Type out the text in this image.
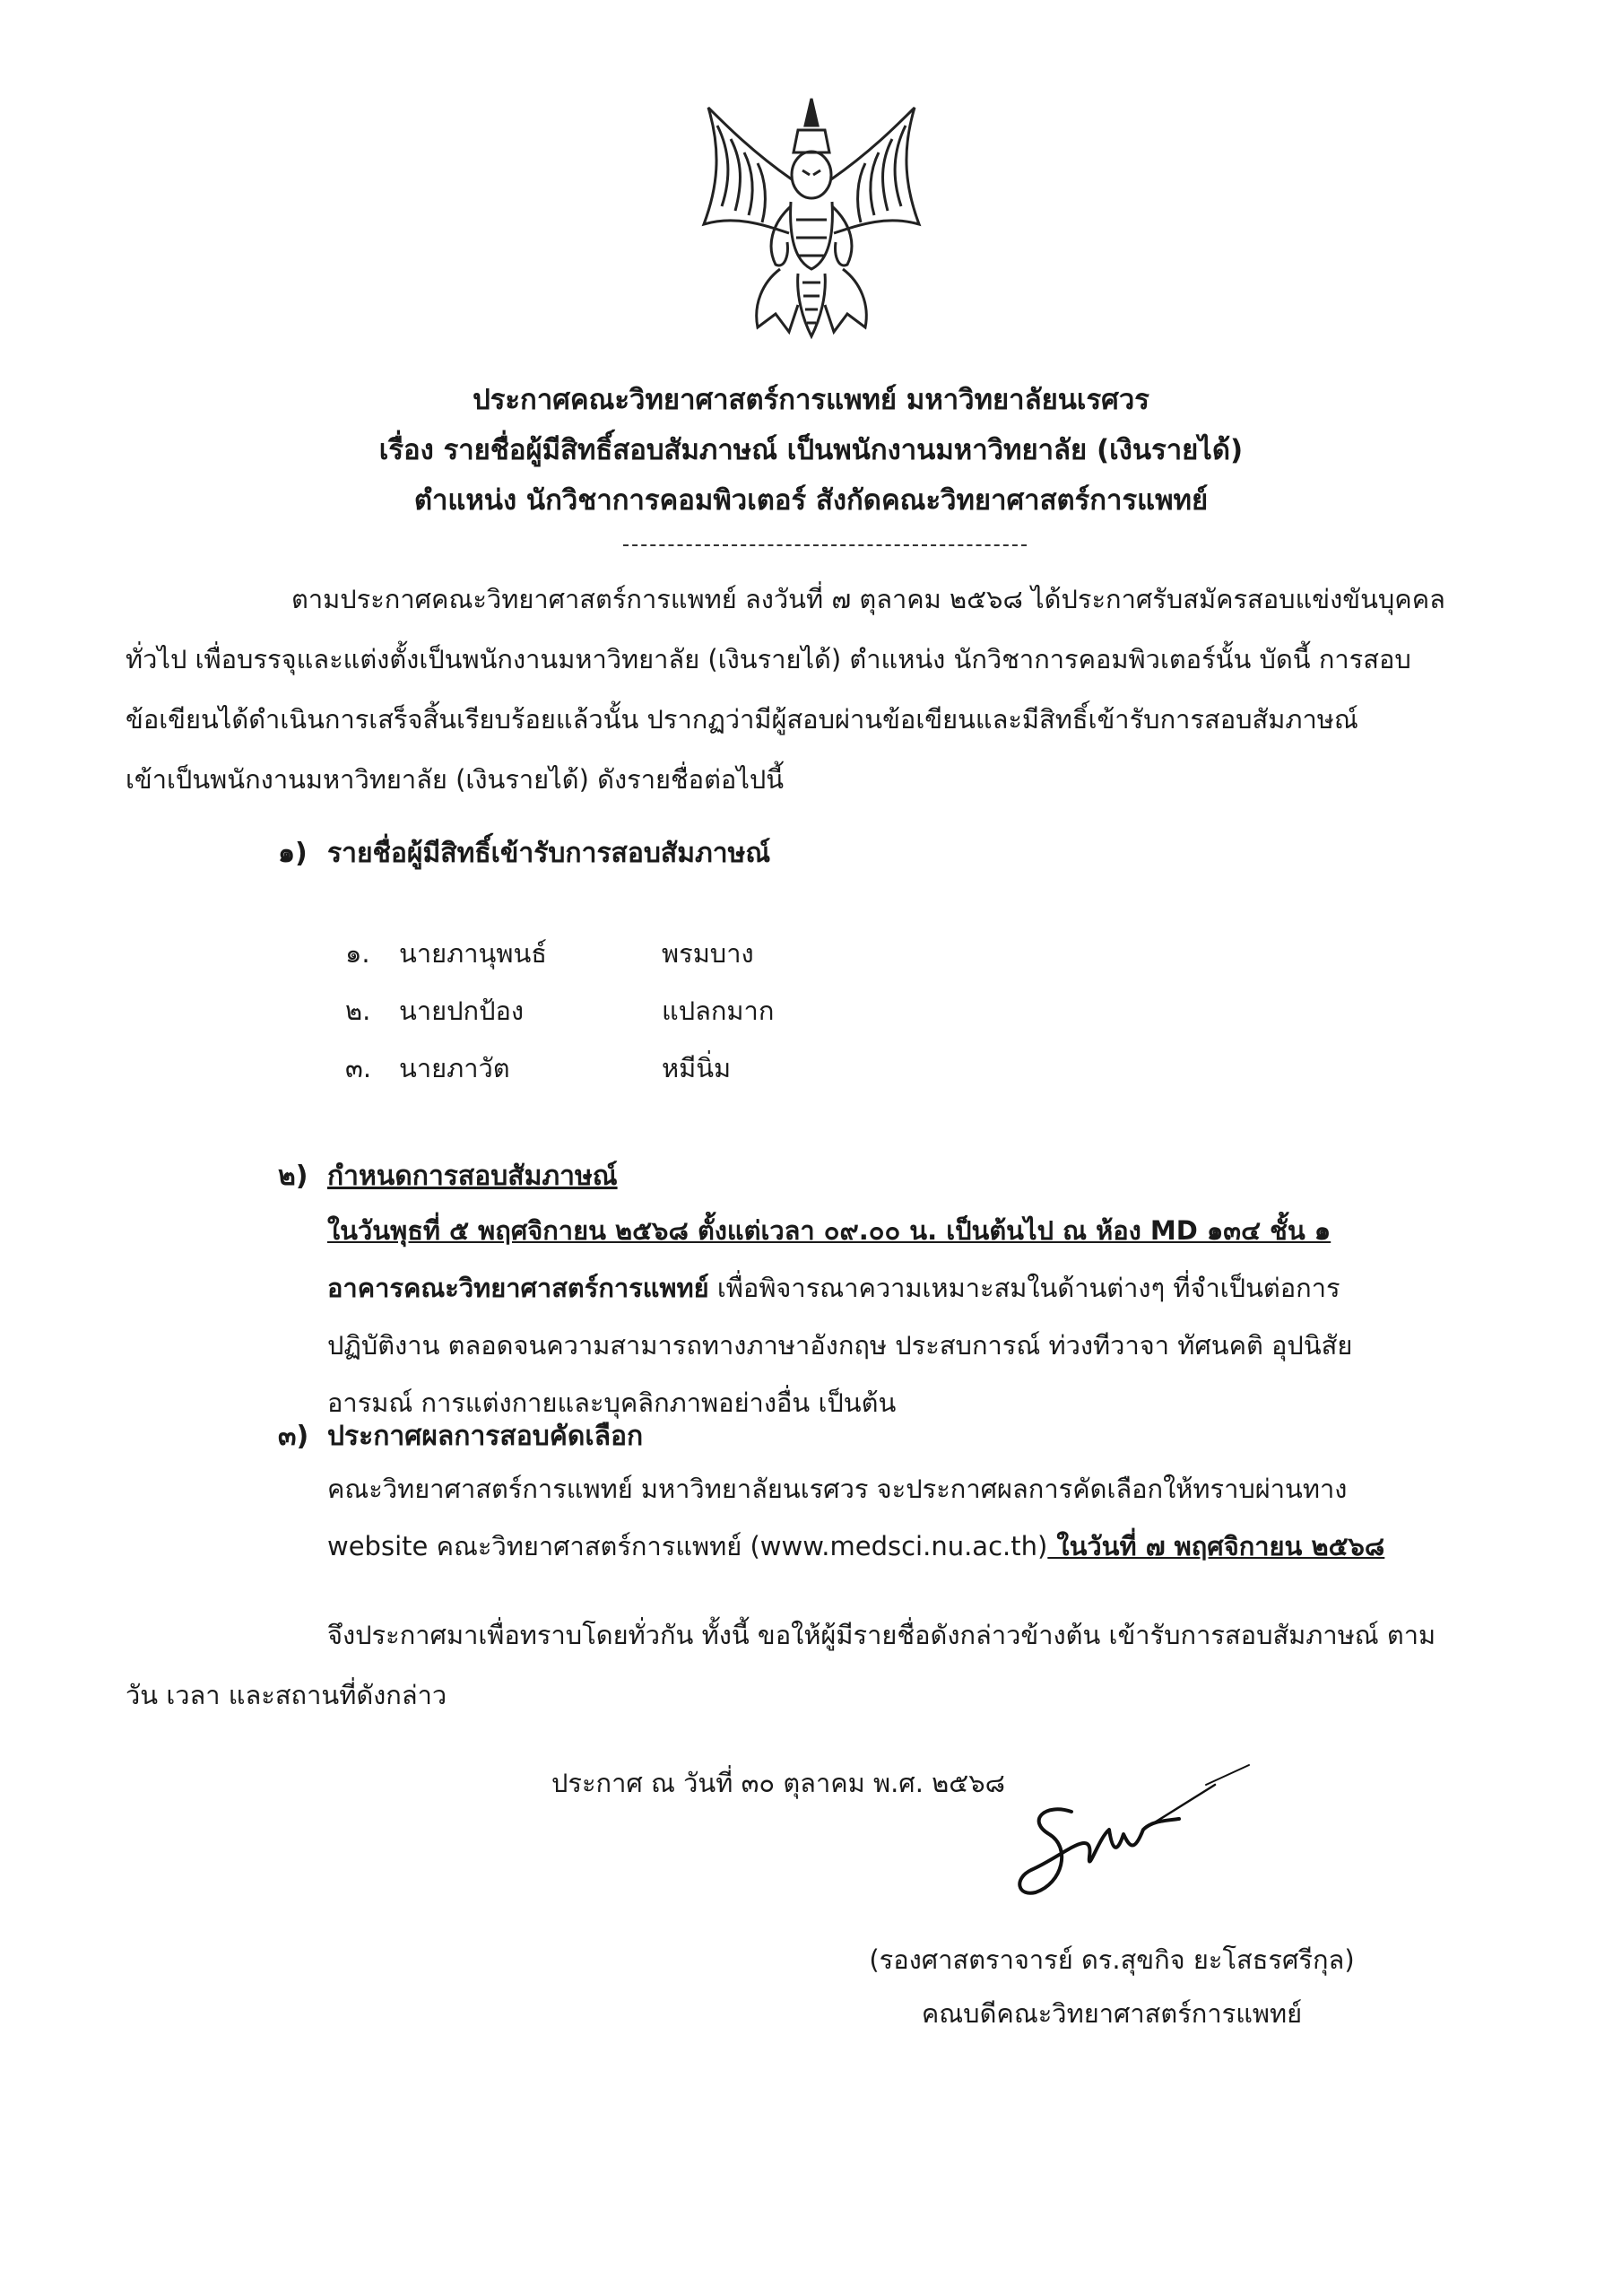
ประกาศคณะวิทยาศาสตร์การแพทย์ มหาวิทยาลัยนเรศวร
เรื่อง รายชื่อผู้มีสิทธิ์สอบสัมภาษณ์ เป็นพนักงานมหาวิทยาลัย (เงินรายได้)
ตำแหน่ง นักวิชาการคอมพิวเตอร์ สังกัดคณะวิทยาศาสตร์การแพทย์
ตามประกาศคณะวิทยาศาสตร์การแพทย์ ลงวันที่ ๗ ตุลาคม ๒๕๖๘ ได้ประกาศรับสมัครสอบแข่งขันบุคคล
ทั่วไป เพื่อบรรจุและแต่งตั้งเป็นพนักงานมหาวิทยาลัย (เงินรายได้) ตำแหน่ง นักวิชาการคอมพิวเตอร์นั้น บัดนี้ การสอบ
ข้อเขียนได้ดำเนินการเสร็จสิ้นเรียบร้อยแล้วนั้น ปรากฏว่ามีผู้สอบผ่านข้อเขียนและมีสิทธิ์เข้ารับการสอบสัมภาษณ์
เข้าเป็นพนักงานมหาวิทยาลัย (เงินรายได้) ดังรายชื่อต่อไปนี้
๑) รายชื่อผู้มีสิทธิ์เข้ารับการสอบสัมภาษณ์
๑. นายภานุพนธ์	พรมบาง
๒. นายปกป้อง	แปลกมาก
๓. นายภาวัต	หมีนิ่ม
๒) กำหนดการสอบสัมภาษณ์
ในวันพุธที่ ๕ พฤศจิกายน ๒๕๖๘ ตั้งแต่เวลา ๐๙.๐๐ น. เป็นต้นไป ณ ห้อง MD ๑๓๔ ชั้น ๑
อาคารคณะวิทยาศาสตร์การแพทย์ เพื่อพิจารณาความเหมาะสมในด้านต่างๆ ที่จำเป็นต่อการ
ปฏิบัติงาน ตลอดจนความสามารถทางภาษาอังกฤษ ประสบการณ์ ท่วงทีวาจา ทัศนคติ อุปนิสัย
อารมณ์ การแต่งกายและบุคลิกภาพอย่างอื่น เป็นต้น
๓) ประกาศผลการสอบคัดเลือก
คณะวิทยาศาสตร์การแพทย์ มหาวิทยาลัยนเรศวร จะประกาศผลการคัดเลือกให้ทราบผ่านทาง
website คณะวิทยาศาสตร์การแพทย์ (www.medsci.nu.ac.th) ในวันที่ ๗ พฤศจิกายน ๒๕๖๘
จึงประกาศมาเพื่อทราบโดยทั่วกัน ทั้งนี้ ขอให้ผู้มีรายชื่อดังกล่าวข้างต้น เข้ารับการสอบสัมภาษณ์ ตาม
วัน เวลา และสถานที่ดังกล่าว
ประกาศ ณ วันที่ ๓๐ ตุลาคม พ.ศ. ๒๕๖๘
(รองศาสตราจารย์ ดร.สุขกิจ ยะโสธรศรีกุล)
คณบดีคณะวิทยาศาสตร์การแพทย์
